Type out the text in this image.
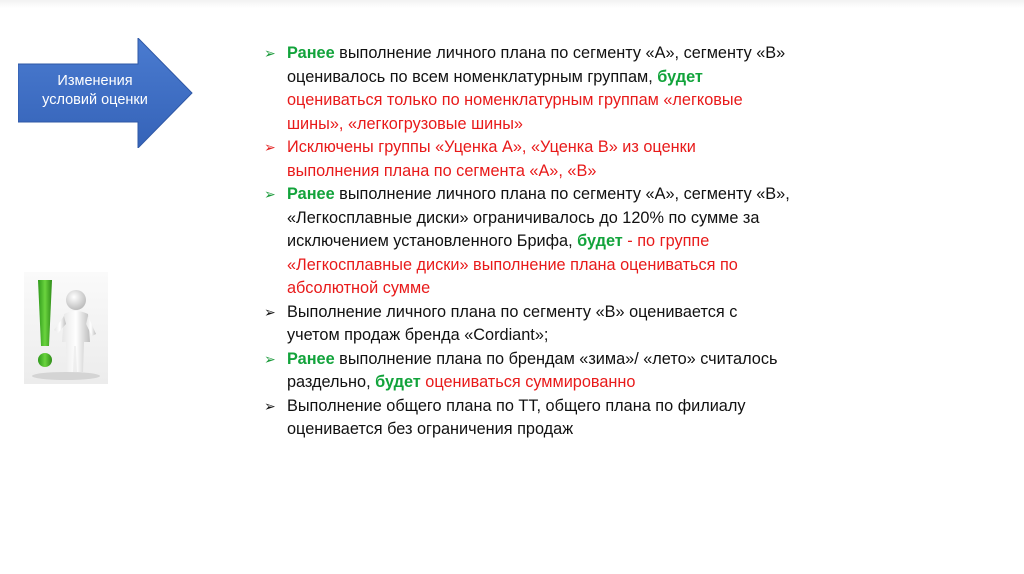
Изменения
условий оценки
➢ Ранее выполнение личного плана по сегменту «А», сегменту «В» оценивалось по всем номенклатурным группам, будет оцениваться только по номенклатурным группам «легковые шины», «легкогрузовые шины»
➢ Исключены группы «Уценка А», «Уценка В» из оценки выполнения плана по сегмента «А», «В»
➢ Ранее выполнение личного плана по сегменту «А», сегменту «В», «Легкосплавные диски» ограничивалось до 120% по сумме за исключением установленного Брифа, будет - по группе «Легкосплавные диски» выполнение плана оцениваться по абсолютной сумме
➢ Выполнение личного плана по сегменту «В» оценивается с учетом продаж бренда «Cordiant»;
➢ Ранее выполнение плана по брендам «зима»/ «лето» считалось раздельно, будет оцениваться суммированно
➢ Выполнение общего плана по ТТ, общего плана по филиалу оценивается без ограничения продаж
